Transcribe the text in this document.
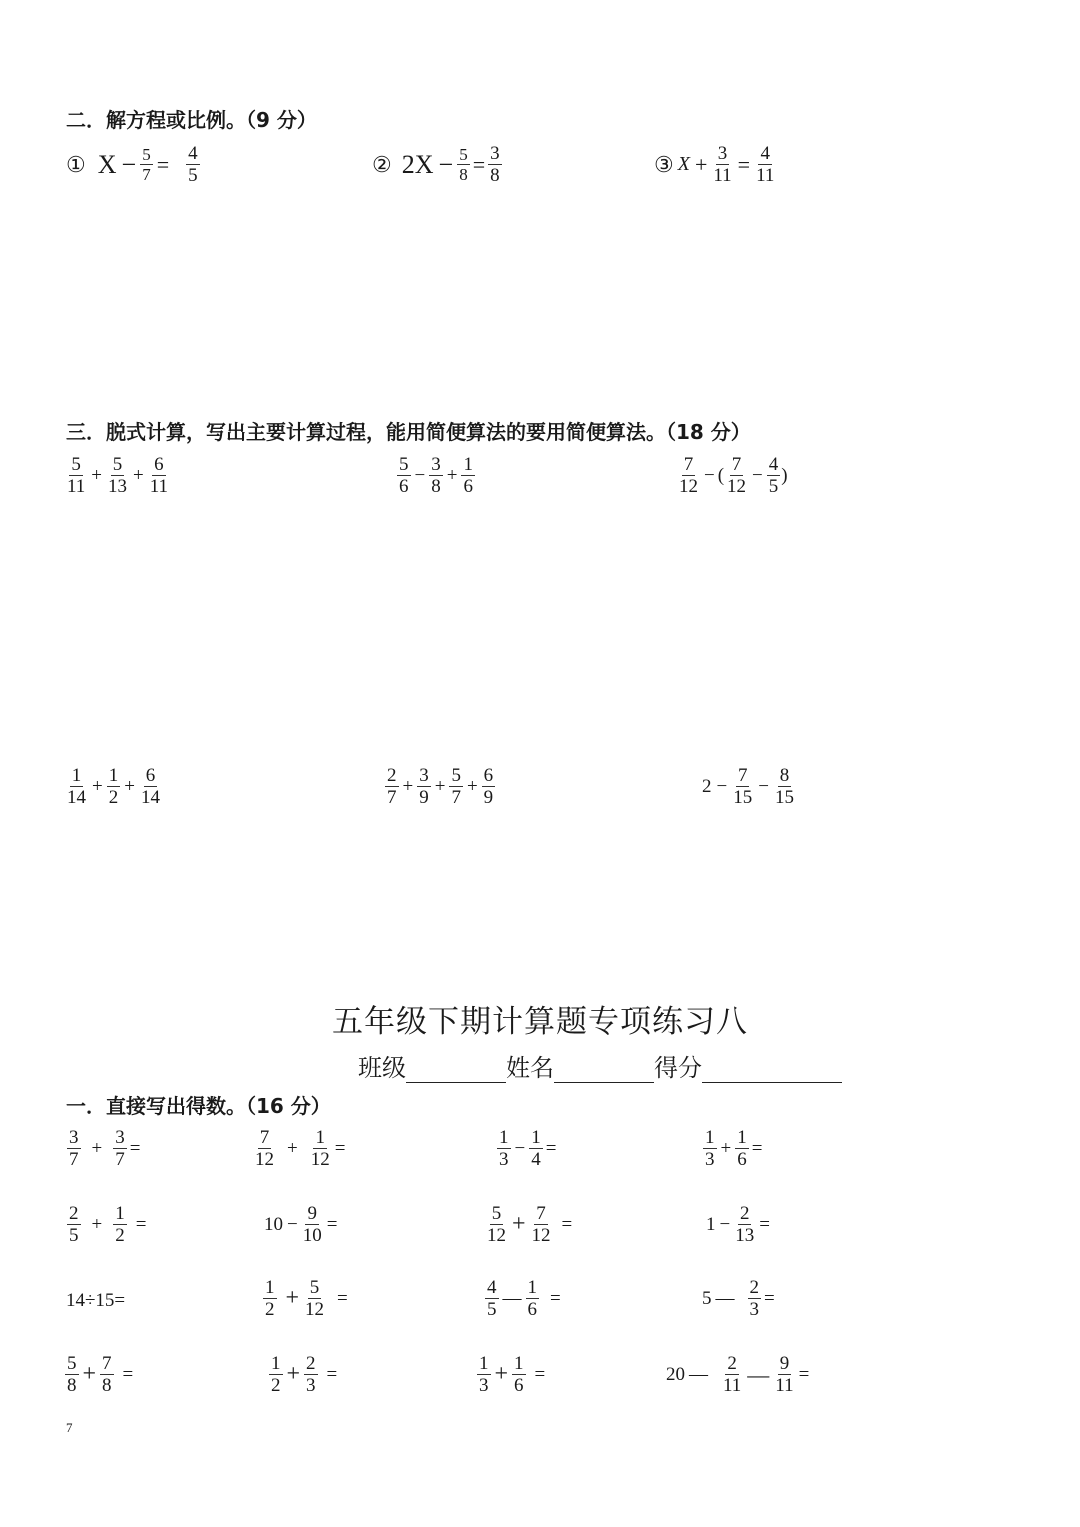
二．解方程或比例。（9 分）
① $X - \frac{5}{7} = \frac{4}{5}$	② $2X - \frac{5}{8} = \frac{3}{8}$	③ $X + \frac{3}{11} = \frac{4}{11}$
三．脱式计算，写出主要计算过程，能用简便算法的要用简便算法。（18 分）
$\frac{5}{11} + \frac{5}{13} + \frac{6}{11}$	$\frac{5}{6} - \frac{3}{8} + \frac{1}{6}$	$\frac{7}{12}$ − ( $\frac{7}{12} - \frac{4}{5}$ )
$\frac{1}{14} + \frac{1}{2} + \frac{6}{14}$	$\frac{2}{7} + \frac{3}{9} + \frac{5}{7} + \frac{6}{9}$	$2 - \frac{7}{15} - \frac{8}{15}$
五年级下期计算题专项练习八
班级	姓名	得分
一．直接写出得数。（16 分）
$\frac{3}{7} + \frac{3}{7}$ =	$\frac{7}{12} + \frac{1}{12}$ =	$\frac{1}{3} - \frac{1}{4}$ =	$\frac{1}{3} + \frac{1}{6}$ =
$\frac{2}{5} + \frac{1}{2}$ =	$10 - \frac{9}{10}$ =	$\frac{5}{12} + \frac{7}{12}$ =	$1 - \frac{2}{13}$ =
14÷15=	$\frac{1}{2} + \frac{5}{12}$ =	$\frac{4}{5}$ — $\frac{1}{6}$ =	5 — $\frac{2}{3}$ =
$\frac{5}{8} + \frac{7}{8}$ =	$\frac{1}{2} + \frac{2}{3}$ =	$\frac{1}{3} + \frac{1}{6}$ =	20 — $\frac{2}{11}$ — $\frac{9}{11}$ =
7
